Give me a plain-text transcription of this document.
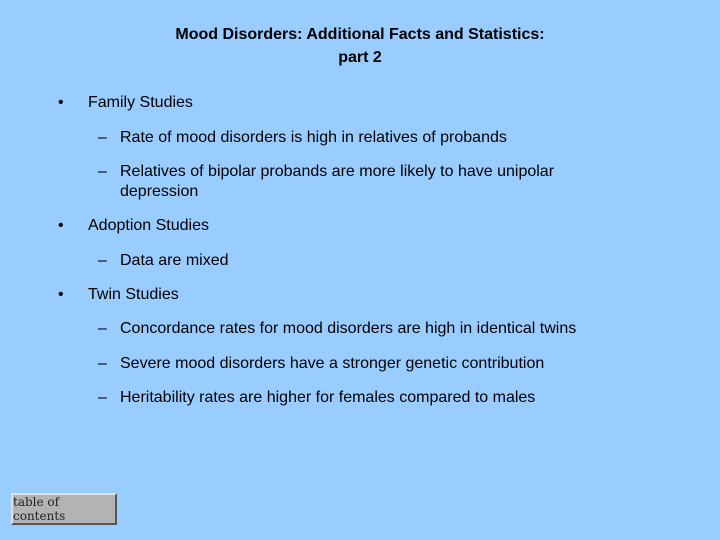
Mood Disorders: Additional Facts and Statistics:
part 2
• Family Studies
– Rate of mood disorders is high in relatives of probands
– Relatives of bipolar probands are more likely to have unipolar depression
• Adoption Studies
– Data are mixed
• Twin Studies
– Concordance rates for mood disorders are high in identical twins
– Severe mood disorders have a stronger genetic contribution
– Heritability rates are higher for females compared to males
table of contents
